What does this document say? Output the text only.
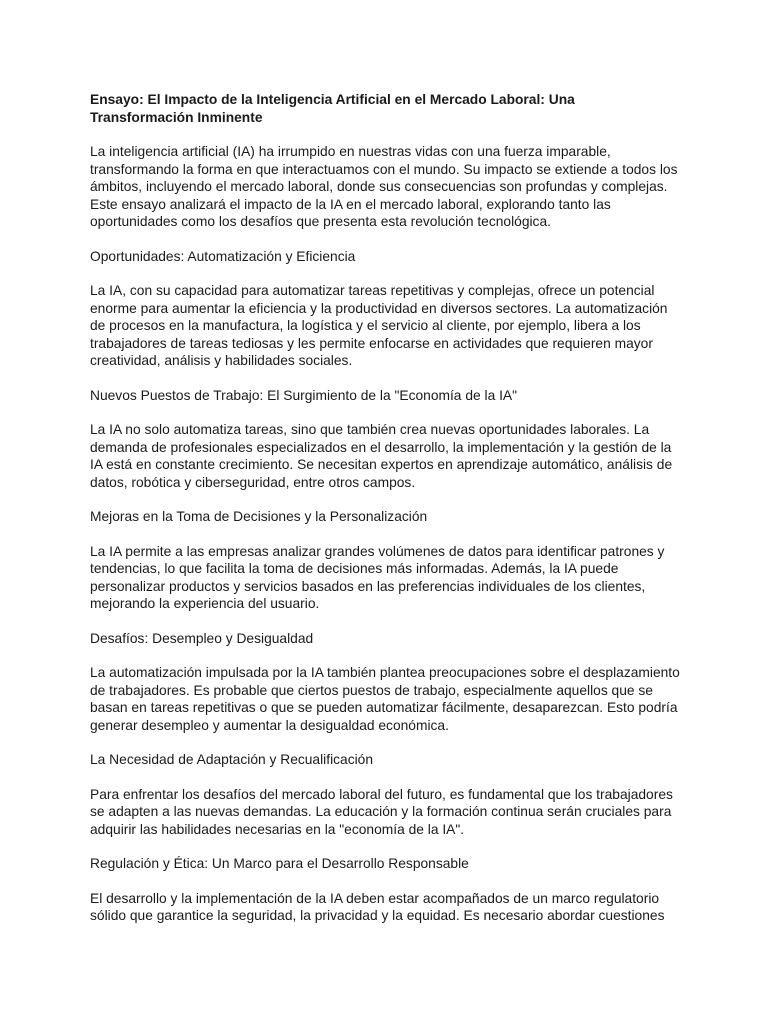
Ensayo: El Impacto de la Inteligencia Artificial en el Mercado Laboral: Una Transformación Inminente

La inteligencia artificial (IA) ha irrumpido en nuestras vidas con una fuerza imparable, transformando la forma en que interactuamos con el mundo. Su impacto se extiende a todos los ámbitos, incluyendo el mercado laboral, donde sus consecuencias son profundas y complejas. Este ensayo analizará el impacto de la IA en el mercado laboral, explorando tanto las oportunidades como los desafíos que presenta esta revolución tecnológica.

Oportunidades: Automatización y Eficiencia

La IA, con su capacidad para automatizar tareas repetitivas y complejas, ofrece un potencial enorme para aumentar la eficiencia y la productividad en diversos sectores. La automatización de procesos en la manufactura, la logística y el servicio al cliente, por ejemplo, libera a los trabajadores de tareas tediosas y les permite enfocarse en actividades que requieren mayor creatividad, análisis y habilidades sociales.

Nuevos Puestos de Trabajo: El Surgimiento de la "Economía de la IA"

La IA no solo automatiza tareas, sino que también crea nuevas oportunidades laborales. La demanda de profesionales especializados en el desarrollo, la implementación y la gestión de la IA está en constante crecimiento. Se necesitan expertos en aprendizaje automático, análisis de datos, robótica y ciberseguridad, entre otros campos.

Mejoras en la Toma de Decisiones y la Personalización

La IA permite a las empresas analizar grandes volúmenes de datos para identificar patrones y tendencias, lo que facilita la toma de decisiones más informadas. Además, la IA puede personalizar productos y servicios basados en las preferencias individuales de los clientes, mejorando la experiencia del usuario.

Desafíos: Desempleo y Desigualdad

La automatización impulsada por la IA también plantea preocupaciones sobre el desplazamiento de trabajadores. Es probable que ciertos puestos de trabajo, especialmente aquellos que se basan en tareas repetitivas o que se pueden automatizar fácilmente, desaparezcan. Esto podría generar desempleo y aumentar la desigualdad económica.

La Necesidad de Adaptación y Recualificación

Para enfrentar los desafíos del mercado laboral del futuro, es fundamental que los trabajadores se adapten a las nuevas demandas. La educación y la formación continua serán cruciales para adquirir las habilidades necesarias en la "economía de la IA".

Regulación y Ética: Un Marco para el Desarrollo Responsable

El desarrollo y la implementación de la IA deben estar acompañados de un marco regulatorio sólido que garantice la seguridad, la privacidad y la equidad. Es necesario abordar cuestiones
